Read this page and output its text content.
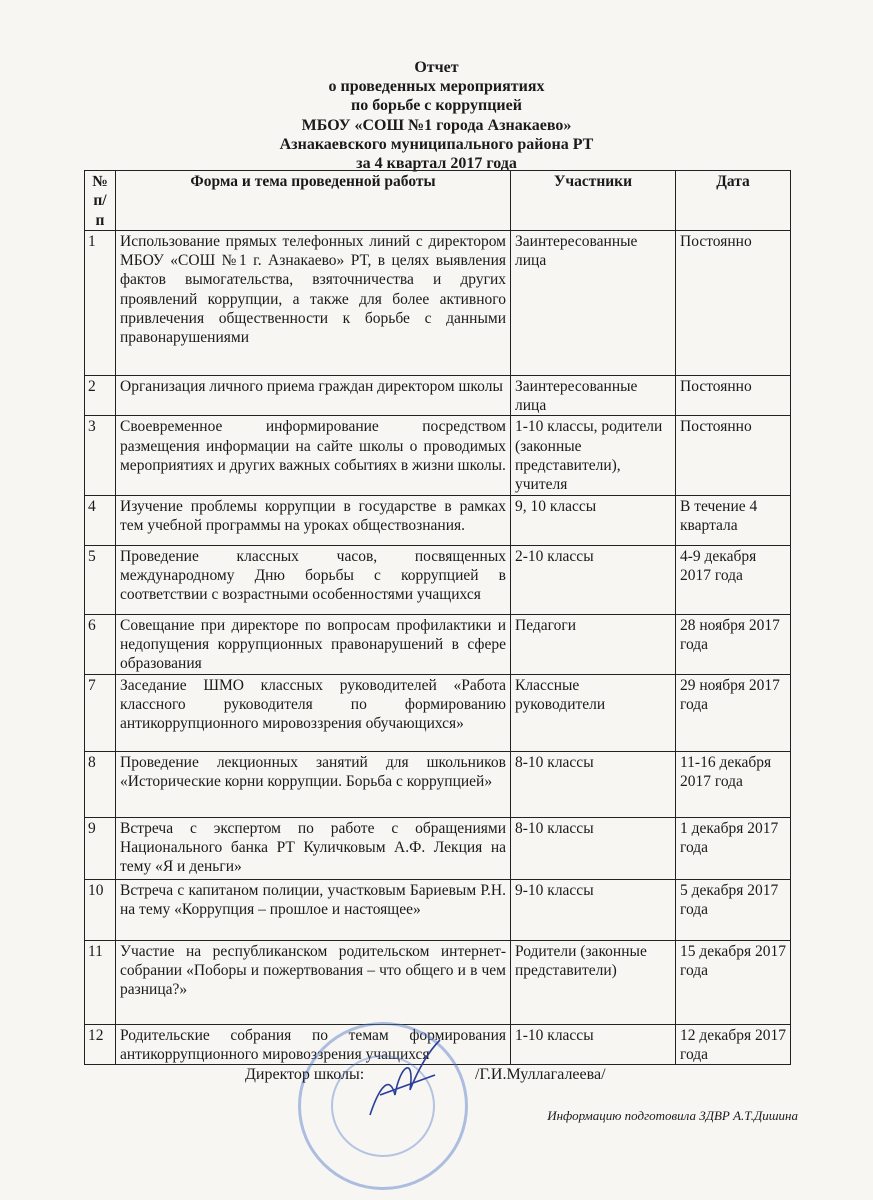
Отчет
о проведенных мероприятиях
по борьбе с коррупцией
МБОУ «СОШ №1 города Азнакаево»
Азнакаевского муниципального района РТ
за 4 квартал 2017 года
№ п/п	Форма и тема проведенной работы	Участники	Дата
1	Использование прямых телефонных линий с директором МБОУ «СОШ №1 г. Азнакаево» РТ, в целях выявления фактов вымогательства, взяточничества и других проявлений коррупции, а также для более активного привлечения общественности к борьбе с данными правонарушениями	Заинтересованные лица	Постоянно
2	Организация личного приема граждан директором школы	Заинтересованные лица	Постоянно
3	Своевременное информирование посредством размещения информации на сайте школы о проводимых мероприятиях и других важных событиях в жизни школы.	1-10 классы, родители (законные представители), учителя	Постоянно
4	Изучение проблемы коррупции в государстве в рамках тем учебной программы на уроках обществознания.	9, 10 классы	В течение 4 квартала
5	Проведение классных часов, посвященных международному Дню борьбы с коррупцией в соответствии с возрастными особенностями учащихся	2-10 классы	4-9 декабря 2017 года
6	Совещание при директоре по вопросам профилактики и недопущения коррупционных правонарушений в сфере образования	Педагоги	28 ноября 2017 года
7	Заседание ШМО классных руководителей «Работа классного руководителя по формированию антикоррупционного мировоззрения обучающихся»	Классные руководители	29 ноября 2017 года
8	Проведение лекционных занятий для школьников «Исторические корни коррупции. Борьба с коррупцией»	8-10 классы	11-16 декабря 2017 года
9	Встреча с экспертом по работе с обращениями Национального банка РТ Куличковым А.Ф. Лекция на тему «Я и деньги»	8-10 классы	1 декабря 2017 года
10	Встреча с капитаном полиции, участковым Бариевым Р.Н. на тему «Коррупция – прошлое и настоящее»	9-10 классы	5 декабря 2017 года
11	Участие на республиканском родительском интернет-собрании «Поборы и пожертвования – что общего и в чем разница?»	Родители (законные представители)	15 декабря 2017 года
12	Родительские собрания по темам формирования антикоррупционного мировоззрения учащихся	1-10 классы	12 декабря 2017 года
Директор школы:	/Г.И.Муллагалеева/
Информацию подготовила ЗДВР А.Т.Дишина
